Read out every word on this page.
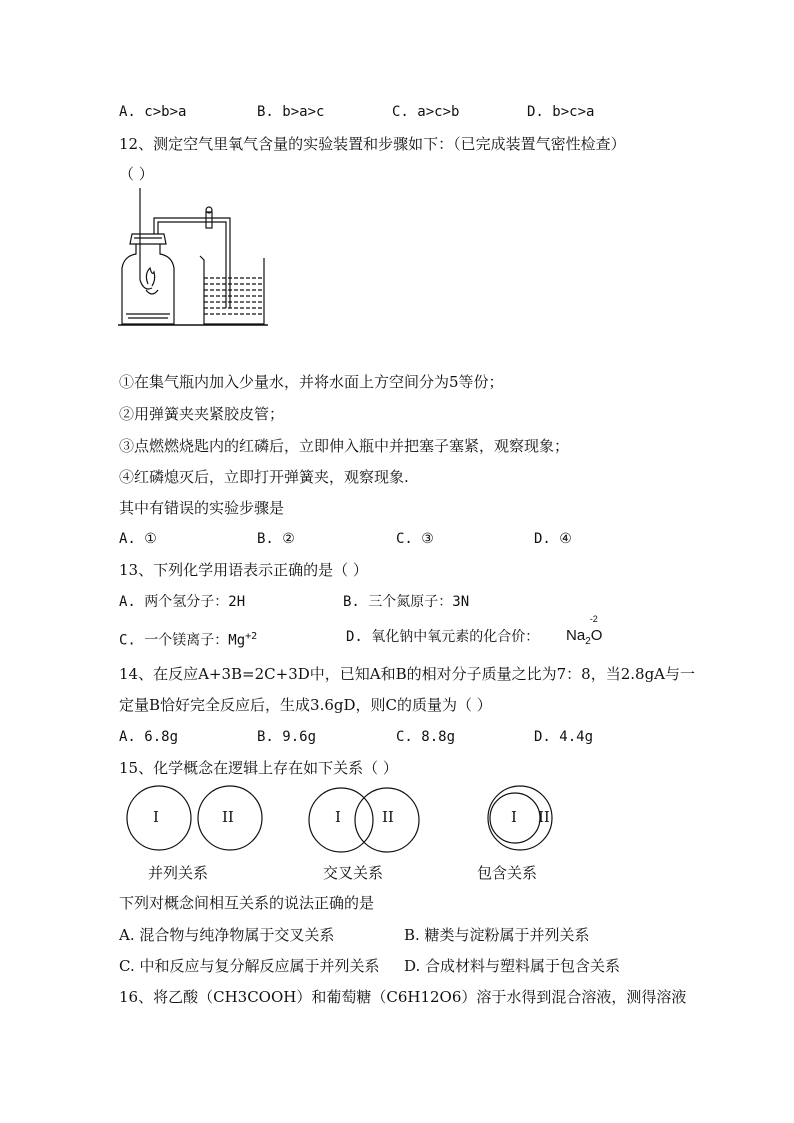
A. c>b>a	B. b>a>c	C. a>c>b	D. b>c>a
12、测定空气里氧气含量的实验装置和步骤如下：（已完成装置气密性检查）
（ ）
①在集气瓶内加入少量水，并将水面上方空间分为5等份；
②用弹簧夹夹紧胶皮管；
③点燃燃烧匙内的红磷后，立即伸入瓶中并把塞子塞紧，观察现象；
④红磷熄灭后，立即打开弹簧夹，观察现象.
其中有错误的实验步骤是
A. ①	B. ②	C. ③	D. ④
13、下列化学用语表示正确的是（ ）
A. 两个氢分子：2H	B. 三个氮原子：3N
C. 一个镁离子：$Mg^{+2}$	D. 氧化钠中氧元素的化合价： $Na_2$
-2
O
14、在反应A+3B=2C+3D中，已知A和B的相对分子质量之比为7：8，当2.8gA与一
定量B恰好完全反应后，生成3.6gD，则C的质量为（ ）
A. 6.8g	B. 9.6g	C. 8.8g	D. 4.4g
15、化学概念在逻辑上存在如下关系（ ）
I	II	I	II	I II
并列关系	交叉关系	包含关系
下列对概念间相互关系的说法正确的是
A. 混合物与纯净物属于交叉关系	B. 糖类与淀粉属于并列关系
C. 中和反应与复分解反应属于并列关系 D. 合成材料与塑料属于包含关系
16、将乙酸（CH3COOH）和葡萄糖（C6H12O6）溶于水得到混合溶液，测得溶液
